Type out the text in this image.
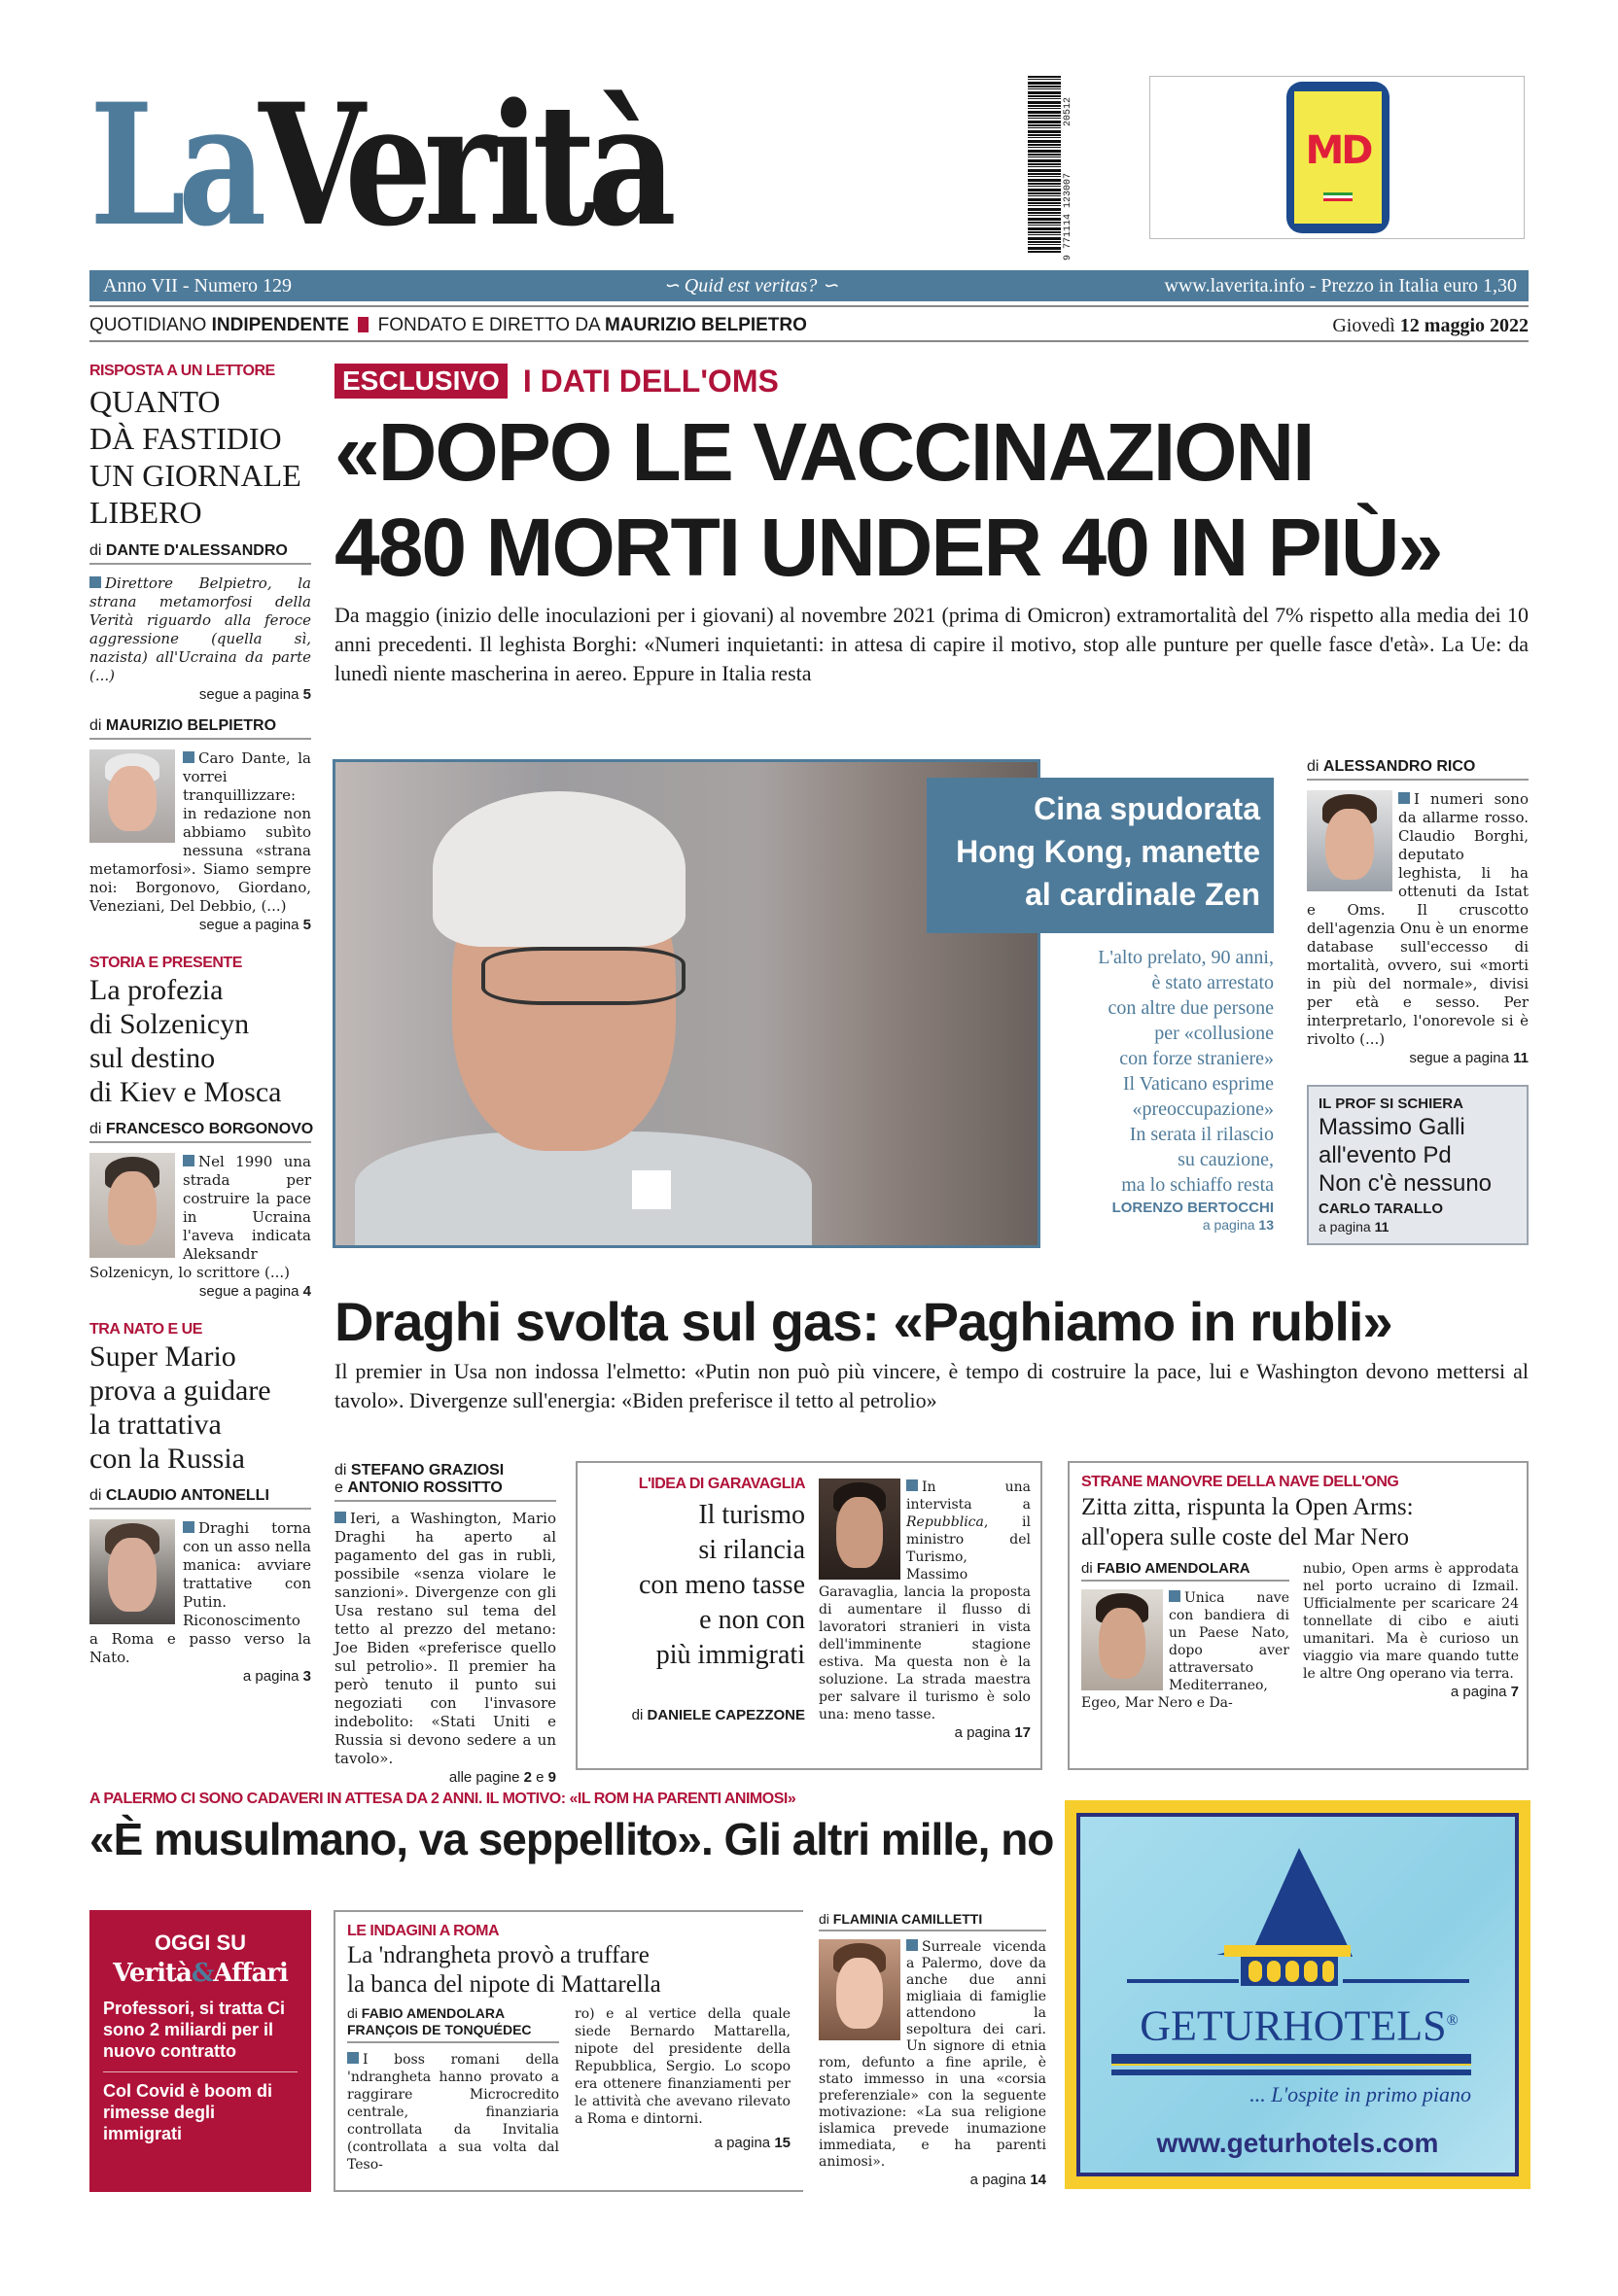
LaVerità	20512
9 771114 123007
MD
Anno VII - Numero 129	∽ Quid est veritas? ∽	www.laverita.info - Prezzo in Italia euro 1,30
QUOTIDIANO INDIPENDENTE  FONDATO E DIRETTO DA MAURIZIO BELPIETRO	Giovedì 12 maggio 2022
RISPOSTA A UN LETTORE
QUANTO
DÀ FASTIDIO
UN GIORNALE
LIBERO
di DANTE D'ALESSANDRO
Direttore Belpietro, la strana metamorfosi della Verità riguardo alla feroce aggressione (quella sì, nazista) all'Ucraina da parte (...)
segue a pagina 5
di MAURIZIO BELPIETRO
Caro Dante, la vorrei tranquillizzare: in redazione non abbiamo subìto nessuna «strana metamorfosi». Siamo sempre noi: Borgonovo, Giordano, Veneziani, Del Debbio, (...)
segue a pagina 5
STORIA E PRESENTE
La profezia
di Solzenicyn
sul destino
di Kiev e Mosca
di FRANCESCO BORGONOVO
Nel 1990 una strada per costruire la pace in Ucraina l'aveva indicata Aleksandr Solzenicyn, lo scrittore (...)
segue a pagina 4
TRA NATO E UE
Super Mario
prova a guidare
la trattativa
con la Russia
di CLAUDIO ANTONELLI
Draghi torna con un asso nella manica: avviare trattative con Putin. Riconoscimento a Roma e passo verso la Nato.
a pagina 3
ESCLUSIVO I DATI DELL'OMS
«DOPO LE VACCINAZIONI
480 MORTI UNDER 40 IN PIÙ»
Da maggio (inizio delle inoculazioni per i giovani) al novembre 2021 (prima di Omicron) extramortalità del 7% rispetto alla media dei 10 anni precedenti. Il leghista Borghi: «Numeri inquietanti: in attesa di capire il motivo, stop alle punture per quelle fasce d'età». La Ue: da lunedì niente mascherina in aereo. Eppure in Italia resta
Cina spudorata
Hong Kong, manette
al cardinale Zen
L'alto prelato, 90 anni,
è stato arrestato
con altre due persone
per «collusione
con forze straniere»
Il Vaticano esprime
«preoccupazione»
In serata il rilascio
su cauzione,
ma lo schiaffo resta
LORENZO BERTOCCHI
a pagina 13
di ALESSANDRO RICO
I numeri sono da allarme rosso. Claudio Borghi, deputato leghista, li ha ottenuti da Istat e Oms. Il cruscotto dell'agenzia Onu è un enorme database sull'eccesso di mortalità, ovvero, sui «morti in più del normale», divisi per età e sesso. Per interpretarlo, l'onorevole si è rivolto (...)
segue a pagina 11
IL PROF SI SCHIERA
Massimo Galli
all'evento Pd
Non c'è nessuno
CARLO TARALLO
a pagina 11
Draghi svolta sul gas: «Paghiamo in rubli»
Il premier in Usa non indossa l'elmetto: «Putin non può più vincere, è tempo di costruire la pace, lui e Washington devono mettersi al tavolo». Divergenze sull'energia: «Biden preferisce il tetto al petrolio»
di STEFANO GRAZIOSI
e ANTONIO ROSSITTO
Ieri, a Washington, Mario Draghi ha aperto al pagamento del gas in rubli, possibile «senza violare le sanzioni». Divergenze con gli Usa restano sul tema del tetto al prezzo del metano: Joe Biden «preferisce quello sul petrolio». Il premier ha però tenuto il punto sui negoziati con l'invasore indebolito: «Stati Uniti e Russia si devono sedere a un tavolo».
alle pagine 2 e 9
L'IDEA DI GARAVAGLIA
Il turismo
si rilancia
con meno tasse
e non con
più immigrati
di DANIELE CAPEZZONE
In una intervista a Repubblica, il ministro del Turismo, Massimo Garavaglia, lancia la proposta di aumentare il flusso di lavoratori stranieri in vista dell'imminente stagione estiva. Ma questa non è la soluzione. La strada maestra per salvare il turismo è solo una: meno tasse.
a pagina 17
STRANE MANOVRE DELLA NAVE DELL'ONG
Zitta zitta, rispunta la Open Arms:
all'opera sulle coste del Mar Nero
di FABIO AMENDOLARA
Unica nave con bandiera di un Paese Nato, dopo aver attraversato Mediterraneo, Egeo, Mar Nero e Da-
nubio, Open arms è approdata nel porto ucraino di Izmail. Ufficialmente per scaricare 24 tonnellate di cibo e aiuti umanitari. Ma è curioso un viaggio via mare quando tutte le altre Ong operano via terra.
a pagina 7
A PALERMO CI SONO CADAVERI IN ATTESA DA 2 ANNI. IL MOTIVO: «IL ROM HA PARENTI ANIMOSI»
«È musulmano, va seppellito». Gli altri mille, no
OGGI SU
Verità&Affari
Professori, si tratta Ci sono 2 miliardi per il nuovo contratto
Col Covid è boom di rimesse degli immigrati
LE INDAGINI A ROMA
La 'ndrangheta provò a truffare
la banca del nipote di Mattarella
di FABIO AMENDOLARA
FRANÇOIS DE TONQUÉDEC
I boss romani della 'ndrangheta hanno provato a raggirare Microcredito centrale, finanziaria controllata da Invitalia (controllata a sua volta dal Teso-
ro) e al vertice della quale siede Bernardo Mattarella, nipote del presidente della Repubblica, Sergio. Lo scopo era ottenere finanziamenti per le attività che avevano rilevato a Roma e dintorni.
a pagina 15
di FLAMINIA CAMILLETTI
Surreale vicenda a Palermo, dove da anche due anni migliaia di famiglie attendono la sepoltura dei cari. Un signore di etnia rom, defunto a fine aprile, è stato immesso in una «corsia preferenziale» con la seguente motivazione: «La sua religione islamica prevede inumazione immediata, e ha parenti animosi».
a pagina 14
GETURHOTELS®
... L'ospite in primo piano
www.geturhotels.com
